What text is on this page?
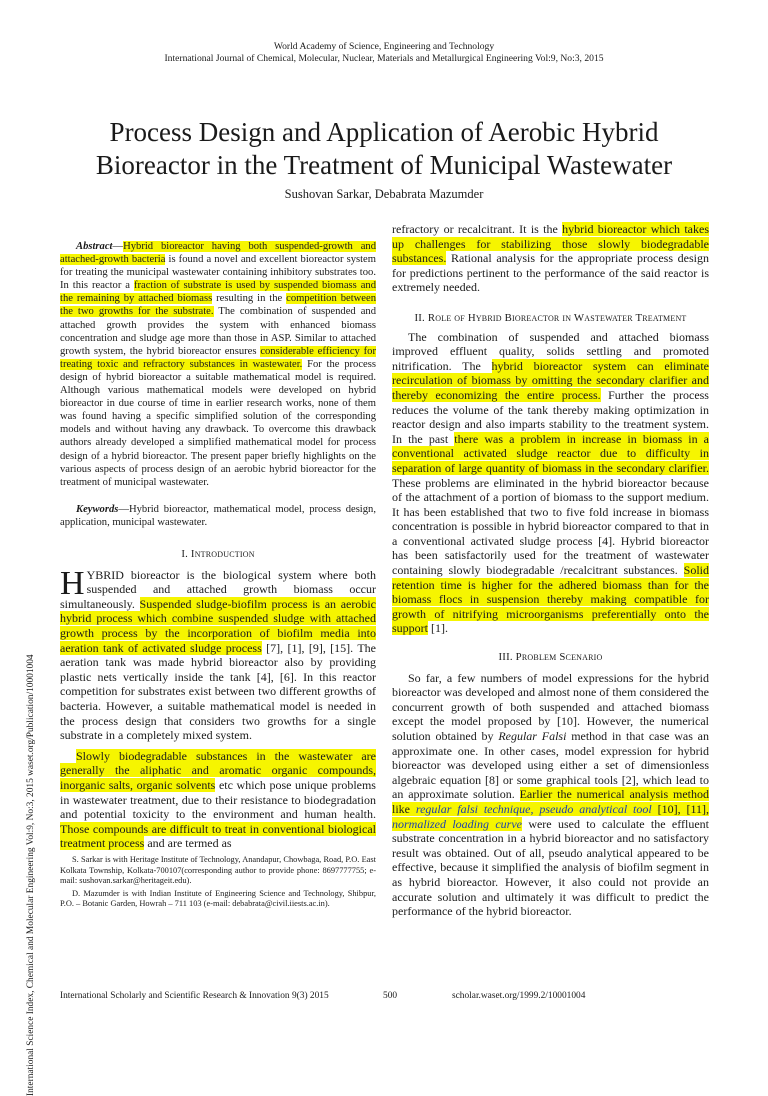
World Academy of Science, Engineering and Technology
International Journal of Chemical, Molecular, Nuclear, Materials and Metallurgical Engineering Vol:9, No:3, 2015
Process Design and Application of Aerobic Hybrid
Bioreactor in the Treatment of Municipal Wastewater
Sushovan Sarkar, Debabrata Mazumder
International Science Index, Chemical and Molecular Engineering Vol:9, No:3, 2015 waset.org/Publication/10001004

Abstract—Hybrid bioreactor having both suspended-growth and attached-growth bacteria is found a novel and excellent bioreactor system for treating the municipal wastewater containing inhibitory substrates too. In this reactor a fraction of substrate is used by suspended biomass and the remaining by attached biomass resulting in the competition between the two growths for the substrate. The combination of suspended and attached growth provides the system with enhanced biomass concentration and sludge age more than those in ASP. Similar to attached growth system, the hybrid bioreactor ensures considerable efficiency for treating toxic and refractory substances in wastewater. For the process design of hybrid bioreactor a suitable mathematical model is required. Although various mathematical models were developed on hybrid bioreactor in due course of time in earlier research works, none of them was found having a specific simplified solution of the corresponding models and without having any drawback. To overcome this drawback authors already developed a simplified mathematical model for process design of a hybrid bioreactor. The present paper briefly highlights on the various aspects of process design of an aerobic hybrid bioreactor for the treatment of municipal wastewater.

Keywords—Hybrid bioreactor, mathematical model, process design, application, municipal wastewater.

I. Introduction

HYBRID bioreactor is the biological system where both suspended and attached growth biomass occur simultaneously. Suspended sludge-biofilm process is an aerobic hybrid process which combine suspended sludge with attached growth process by the incorporation of biofilm media into aeration tank of activated sludge process [7], [1], [9], [15]. The aeration tank was made hybrid bioreactor also by providing plastic nets vertically inside the tank [4], [6]. In this reactor competition for substrates exist between two different growths of bacteria. However, a suitable mathematical model is needed in the process design that considers two growths for a single substrate in a completely mixed system.

Slowly biodegradable substances in the wastewater are generally the aliphatic and aromatic organic compounds, inorganic salts, organic solvents etc which pose unique problems in wastewater treatment, due to their resistance to biodegradation and potential toxicity to the environment and human health. Those compounds are difficult to treat in conventional biological treatment process and are termed as

S. Sarkar is with Heritage Institute of Technology, Anandapur, Chowbaga, Road, P.O. East Kolkata Township, Kolkata-700107(corresponding author to provide phone: 8697777755; e-mail: sushovan.sarkar@heritageit.edu).

D. Mazumder is with Indian Institute of Engineering Science and Technology, Shibpur, P.O. – Botanic Garden, Howrah – 711 103 (e-mail: debabrata@civil.iiests.ac.in).

refractory or recalcitrant. It is the hybrid bioreactor which takes up challenges for stabilizing those slowly biodegradable substances. Rational analysis for the appropriate process design for predictions pertinent to the performance of the said reactor is extremely needed.

II. Role of Hybrid Bioreactor in Wastewater Treatment

The combination of suspended and attached biomass improved effluent quality, solids settling and promoted nitrification. The hybrid bioreactor system can eliminate recirculation of biomass by omitting the secondary clarifier and thereby economizing the entire process. Further the process reduces the volume of the tank thereby making optimization in reactor design and also imparts stability to the treatment system. In the past there was a problem in increase in biomass in a conventional activated sludge reactor due to difficulty in separation of large quantity of biomass in the secondary clarifier. These problems are eliminated in the hybrid bioreactor because of the attachment of a portion of biomass to the support medium. It has been established that two to five fold increase in biomass concentration is possible in hybrid bioreactor compared to that in a conventional activated sludge process [4]. Hybrid bioreactor has been satisfactorily used for the treatment of wastewater containing slowly biodegradable /recalcitrant substances. Solid retention time is higher for the adhered biomass than for the biomass flocs in suspension thereby making compatible for growth of nitrifying microorganisms preferentially onto the support [1].

III. Problem Scenario

So far, a few numbers of model expressions for the hybrid bioreactor was developed and almost none of them considered the concurrent growth of both suspended and attached biomass except the model proposed by [10]. However, the numerical solution obtained by Regular Falsi method in that case was an approximate one. In other cases, model expression for hybrid bioreactor was developed using either a set of dimensionless algebraic equation [8] or some graphical tools [2], which lead to an approximate solution. Earlier the numerical analysis method like regular falsi technique, pseudo analytical tool [10], [11], normalized loading curve were used to calculate the effluent substrate concentration in a hybrid bioreactor and no satisfactory result was obtained. Out of all, pseudo analytical appeared to be effective, because it simplified the analysis of biofilm segment in as hybrid bioreactor. However, it also could not provide an accurate solution and ultimately it was difficult to predict the performance of the hybrid bioreactor.

International Scholarly and Scientific Research & Innovation 9(3) 2015	500	scholar.waset.org/1999.2/10001004
